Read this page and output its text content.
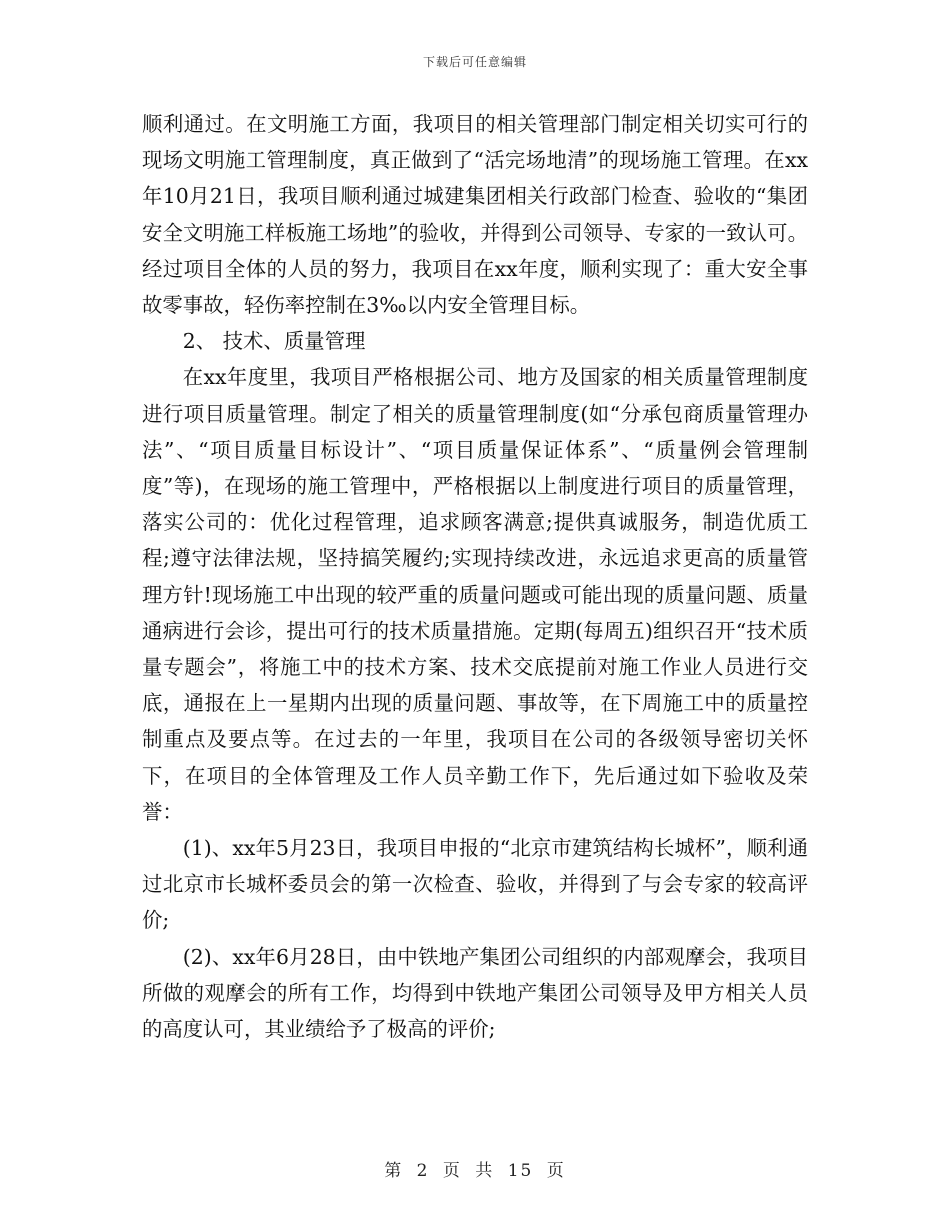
下载后可任意编辑

顺利通过。在文明施工方面，我项目的相关管理部门制定相关切实可行的现场文明施工管理制度，真正做到了“活完场地清”的现场施工管理。在xx年10月21日，我项目顺利通过城建集团相关行政部门检查、验收的“集团安全文明施工样板施工场地”的验收，并得到公司领导、专家的一致认可。经过项目全体的人员的努力，我项目在xx年度，顺利实现了：重大安全事故零事故，轻伤率控制在3‰以内安全管理目标。

2、 技术、质量管理

在xx年度里，我项目严格根据公司、地方及国家的相关质量管理制度进行项目质量管理。制定了相关的质量管理制度(如“分承包商质量管理办法”、“项目质量目标设计”、“项目质量保证体系”、“质量例会管理制度”等)，在现场的施工管理中，严格根据以上制度进行项目的质量管理，落实公司的：优化过程管理，追求顾客满意;提供真诚服务，制造优质工程;遵守法律法规，坚持搞笑履约;实现持续改进，永远追求更高的质量管理方针!现场施工中出现的较严重的质量问题或可能出现的质量问题、质量通病进行会诊，提出可行的技术质量措施。定期(每周五)组织召开“技术质量专题会”，将施工中的技术方案、技术交底提前对施工作业人员进行交底，通报在上一星期内出现的质量问题、事故等，在下周施工中的质量控制重点及要点等。在过去的一年里，我项目在公司的各级领导密切关怀下，在项目的全体管理及工作人员辛勤工作下，先后通过如下验收及荣誉：

(1)、xx年5月23日，我项目申报的“北京市建筑结构长城杯”，顺利通过北京市长城杯委员会的第一次检查、验收，并得到了与会专家的较高评价;

(2)、xx年6月28日，由中铁地产集团公司组织的内部观摩会，我项目所做的观摩会的所有工作，均得到中铁地产集团公司领导及甲方相关人员的高度认可，其业绩给予了极高的评价;

第 2 页 共 15 页
